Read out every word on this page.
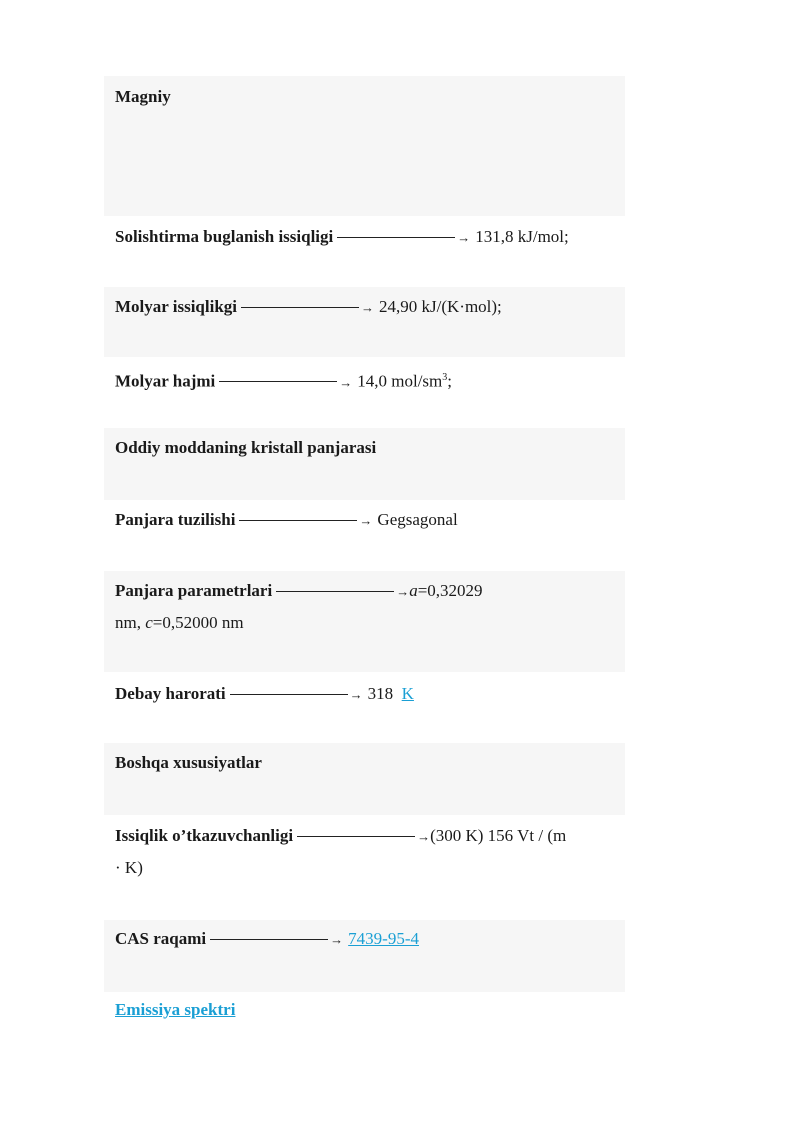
Magniy
Solishtirma buglanish issiqligi	→ 131,8 kJ/mol;
Molyar issiqlikgi	→ 24,90 kJ/(K·mol);
Molyar hajmi	→ 14,0 mol/$sm^3$;
Oddiy moddaning kristall panjarasi
Panjara tuzilishi	→ Gegsagonal
Panjara parametrlari	→a=0,32029
nm, c=0,52000 nm
Debay harorati	→ 318 K
Boshqa xususiyatlar
Issiqlik o’tkazuvchanligi	→(300 K) 156 Vt / (m
· K)
CAS raqami	→ 7439-95-4
Emissiya spektri
